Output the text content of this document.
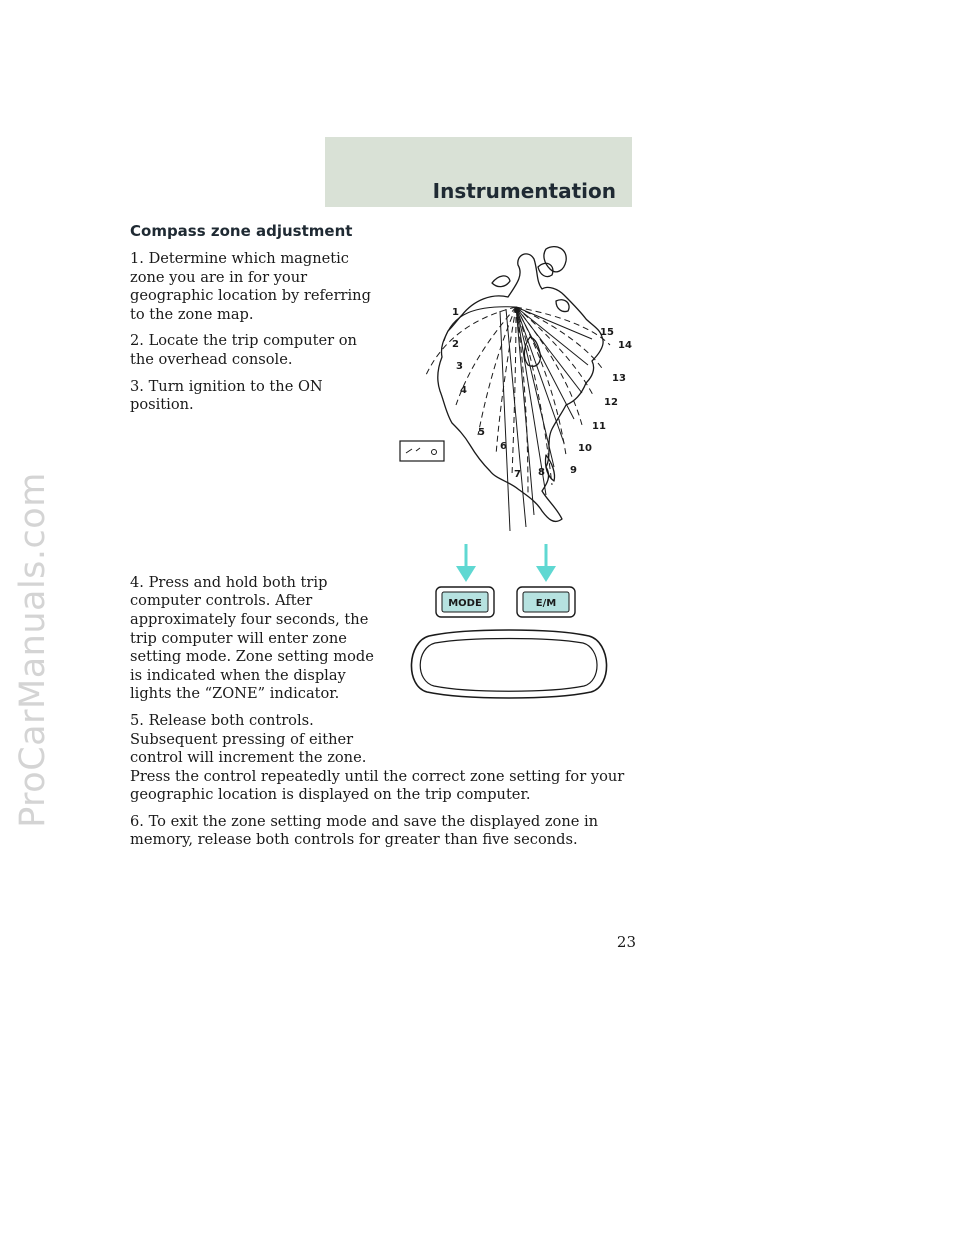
ProCarManuals.com
Instrumentation
Compass zone adjustment

1. Determine which magnetic zone you are in for your geographic location by referring to the zone map.

2. Locate the trip computer on the overhead console.

3. Turn ignition to the ON position.

4. Press and hold both trip computer controls. After approximately four seconds, the trip computer will enter zone setting mode. Zone setting mode is indicated when the display lights the “ZONE” indicator.

5. Release both controls. Subsequent pressing of either control will increment the zone.

Press the control repeatedly until the correct zone setting for your geographic location is displayed on the trip computer.

6. To exit the zone setting mode and save the displayed zone in memory, release both controls for greater than five seconds.

1
2
3
4
5
6
7 8	9
10
11
12
13
14
15
MODE	E/M

23
